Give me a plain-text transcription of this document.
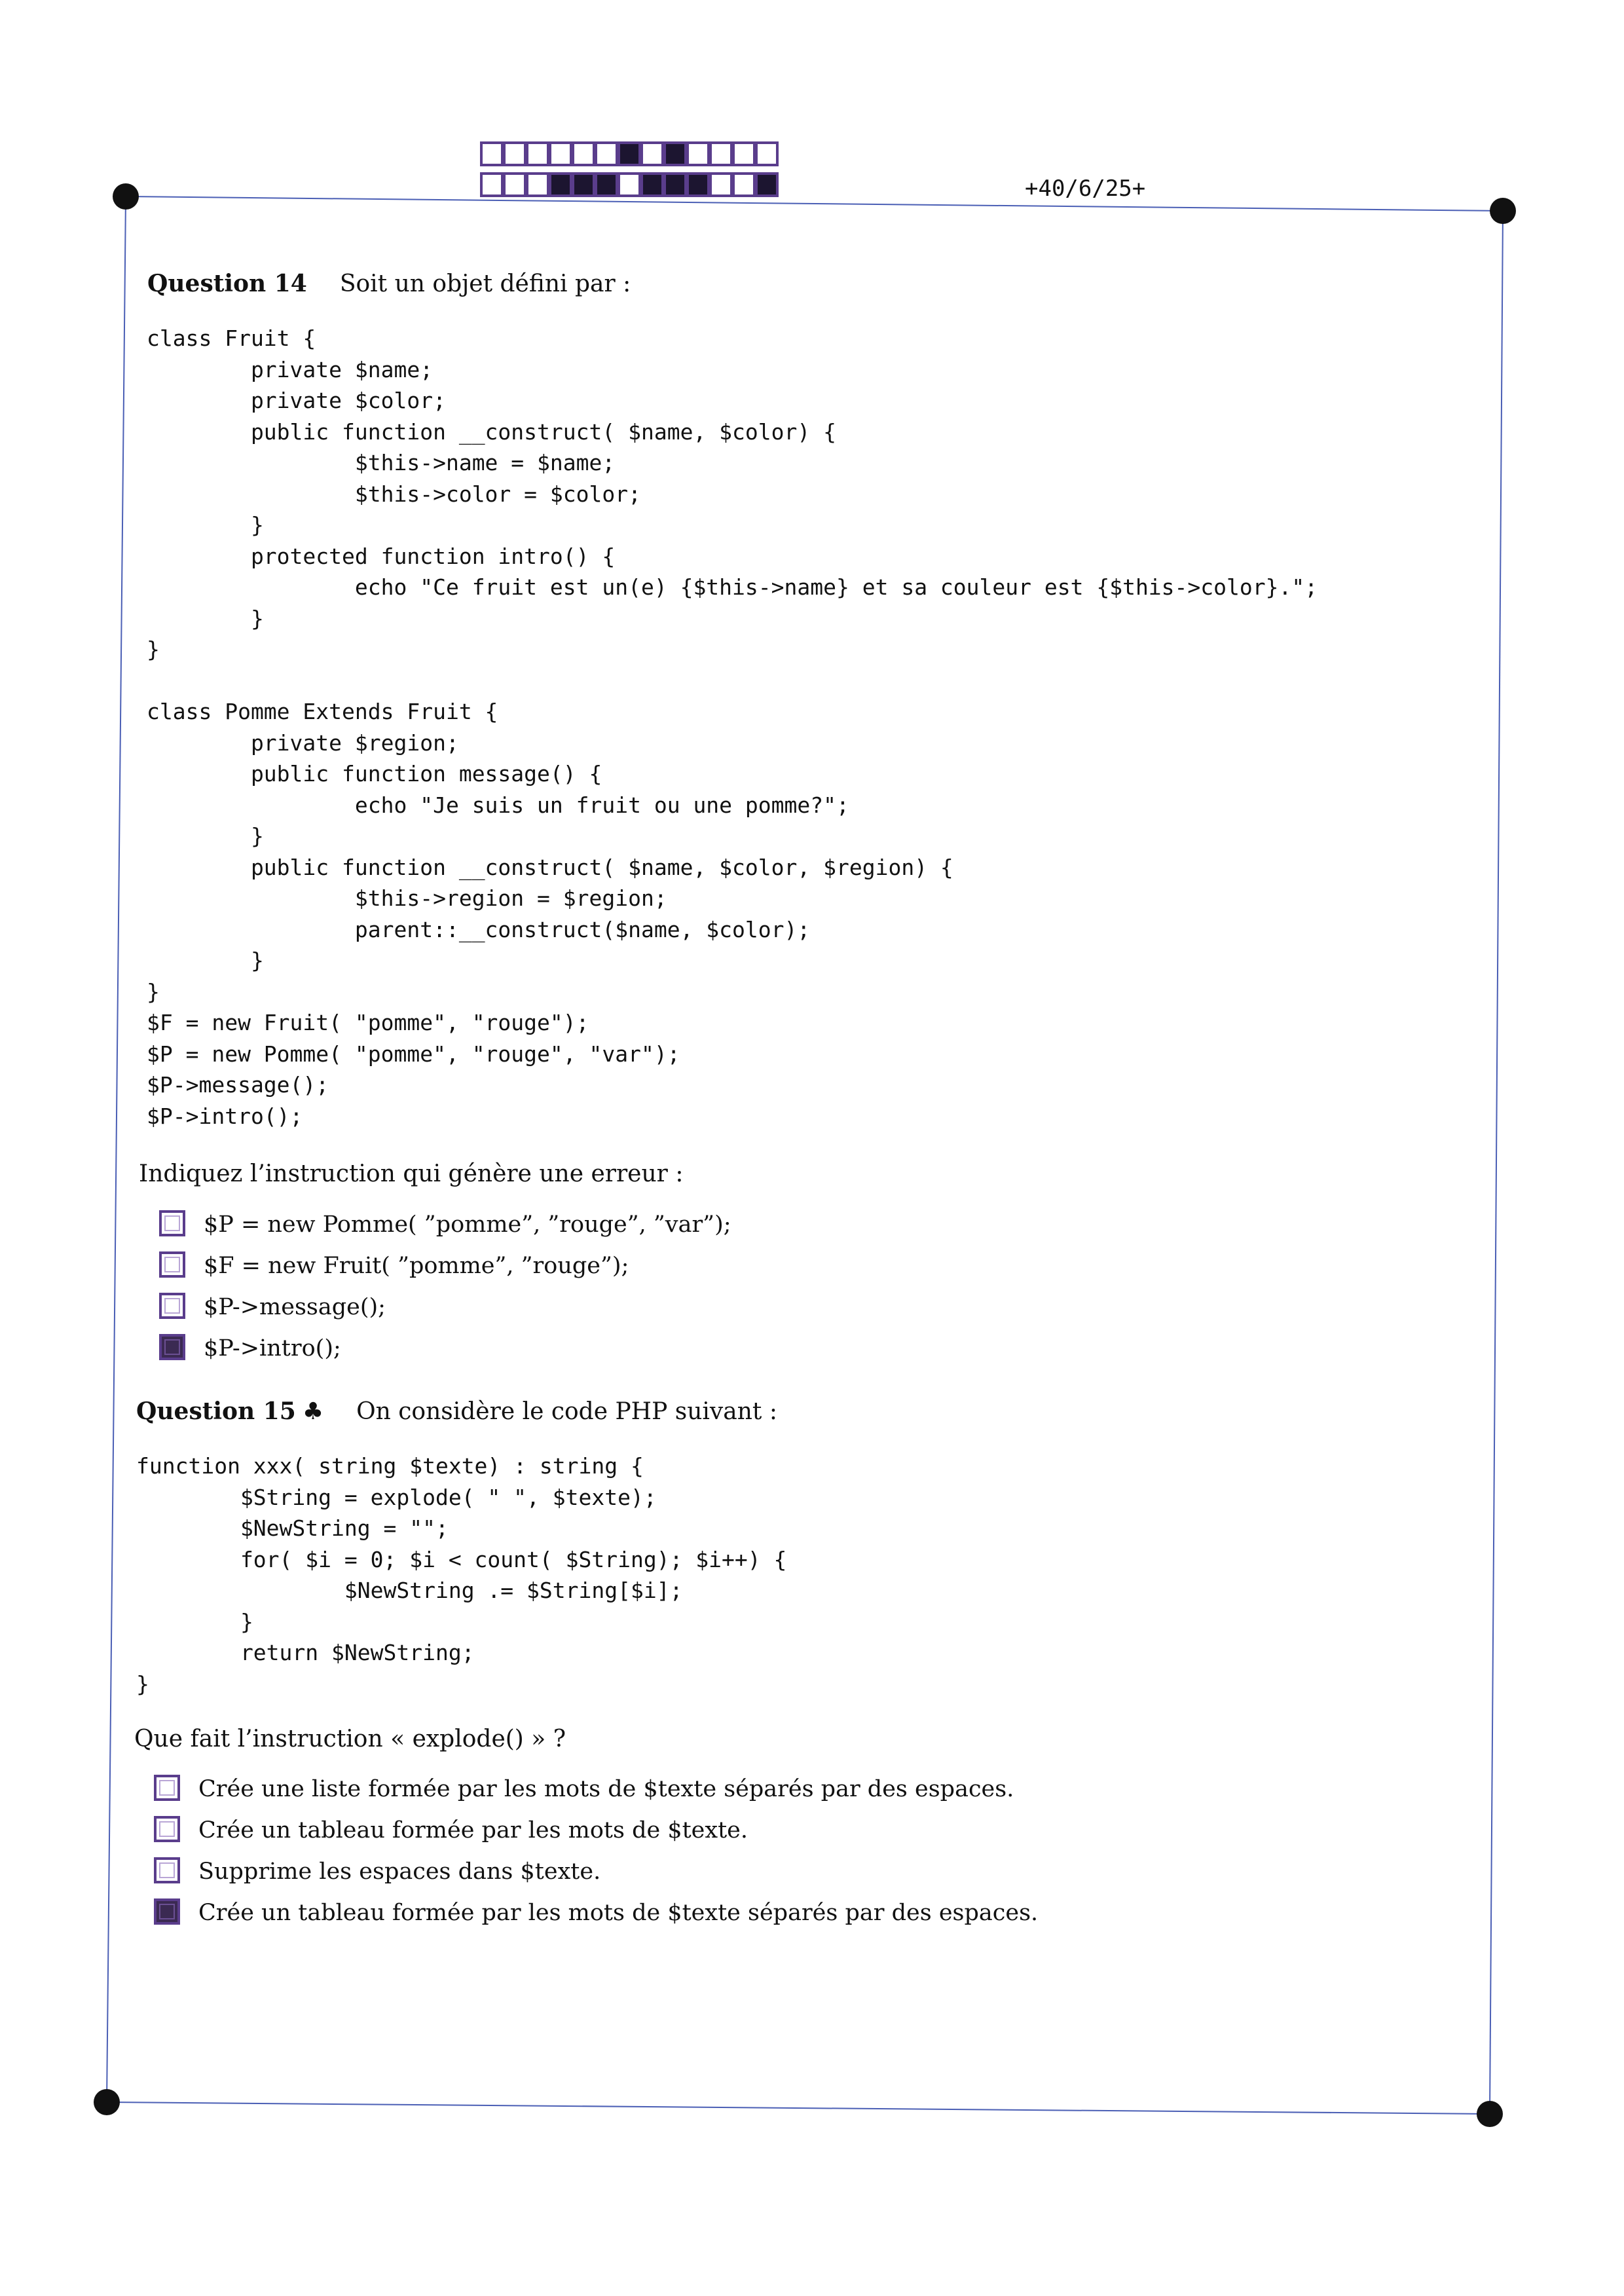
+40/6/25+
Question 14 Soit un objet défini par :
class Fruit {
private $name;
private $color;
public function __construct( $name, $color) {
$this->name = $name;
$this->color = $color;
}
protected function intro() {
echo "Ce fruit est un(e) {$this->name} et sa couleur est {$this->color}.";
}
}

class Pomme Extends Fruit {
private $region;
public function message() {
echo "Je suis un fruit ou une pomme?";
}
public function __construct( $name, $color, $region) {
$this->region = $region;
parent::__construct($name, $color);
}
}
$F = new Fruit( "pomme", "rouge");
$P = new Pomme( "pomme", "rouge", "var");
$P->message();
$P->intro();
Indiquez l’instruction qui génère une erreur :
$P = new Pomme( ”pomme”, ”rouge”, ”var”);
$F = new Fruit( ”pomme”, ”rouge”);
$P->message();
$P->intro();
Question 15 ♣ On considère le code PHP suivant :
function xxx( string $texte) : string {
$String = explode( " ", $texte);
$NewString = "";
for( $i = 0; $i < count( $String); $i++) {
$NewString .= $String[$i];
}
return $NewString;
}
Que fait l’instruction « explode() » ?
Crée une liste formée par les mots de $texte séparés par des espaces.
Crée un tableau formée par les mots de $texte.
Supprime les espaces dans $texte.
Crée un tableau formée par les mots de $texte séparés par des espaces.
